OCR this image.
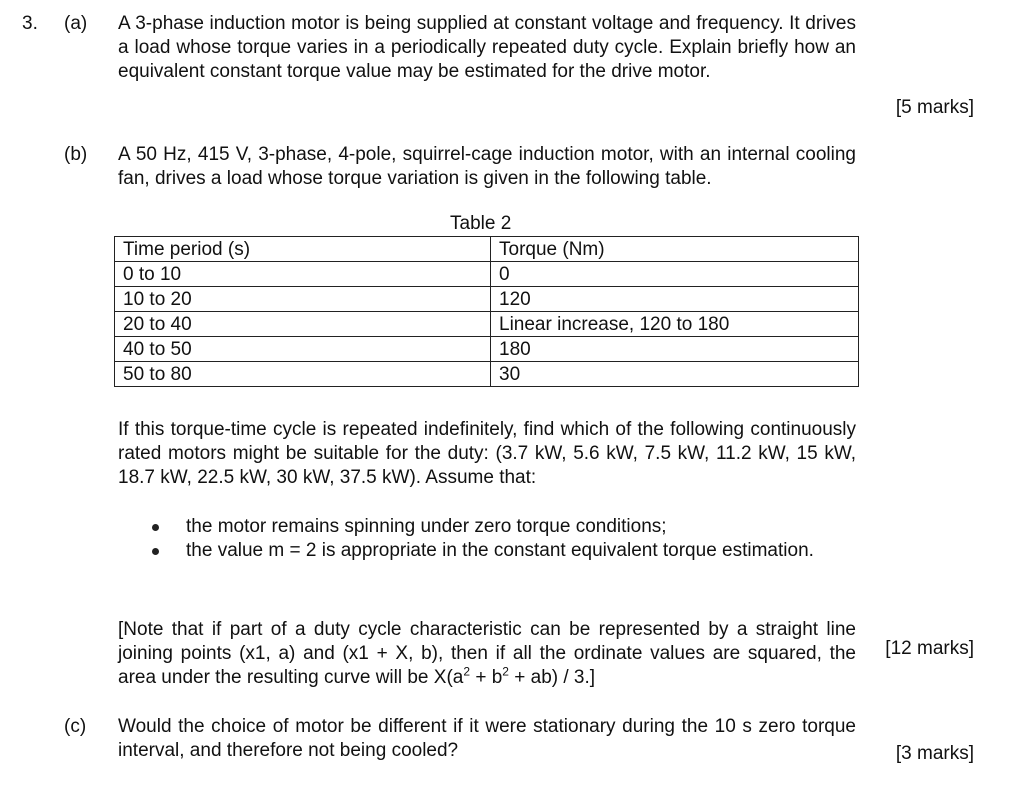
3. (a) A 3-phase induction motor is being supplied at constant voltage and frequency. It drives a load whose torque varies in a periodically repeated duty cycle. Explain briefly how an equivalent constant torque value may be estimated for the drive motor.
[5 marks]
(b) A 50 Hz, 415 V, 3-phase, 4-pole, squirrel-cage induction motor, with an internal cooling fan, drives a load whose torque variation is given in the following table.
Table 2
Time period (s)	Torque (Nm)
0 to 10	0
10 to 20	120
20 to 40	Linear increase, 120 to 180
40 to 50	180
50 to 80	30
If this torque-time cycle is repeated indefinitely, find which of the following continuously rated motors might be suitable for the duty: (3.7 kW, 5.6 kW, 7.5 kW, 11.2 kW, 15 kW, 18.7 kW, 22.5 kW, 30 kW, 37.5 kW). Assume that:
the motor remains spinning under zero torque conditions;
the value m = 2 is appropriate in the constant equivalent torque estimation.
[Note that if part of a duty cycle characteristic can be represented by a straight line joining points (x1, a) and (x1 + X, b), then if all the ordinate values are squared, the area under the resulting curve will be $X(a^2 + b^2 + ab) / 3$.]
[12 marks]
(c) Would the choice of motor be different if it were stationary during the 10 s zero torque interval, and therefore not being cooled?	[3 marks]
